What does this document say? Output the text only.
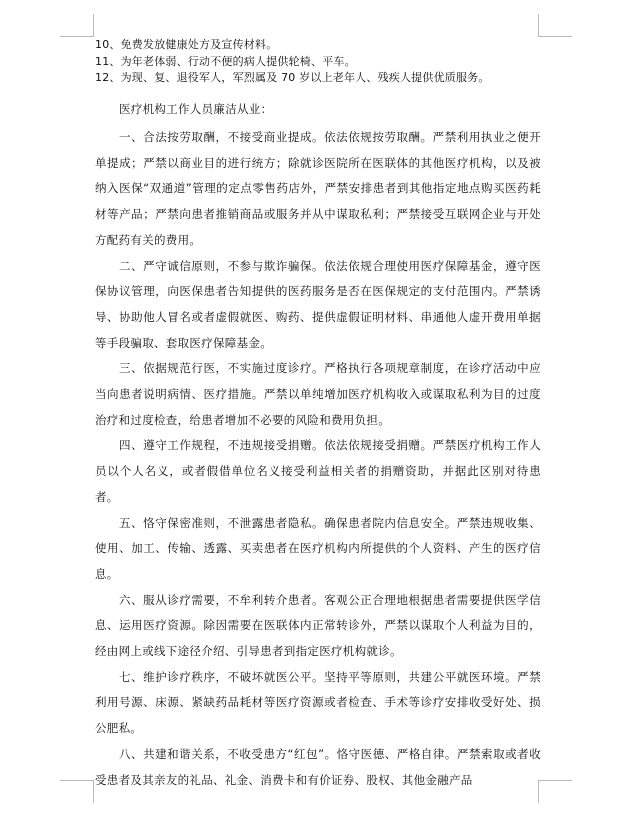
10、免费发放健康处方及宣传材料。
11、为年老体弱、行动不便的病人提供轮椅、平车。
12、为现、复、退役军人，军烈属及 70 岁以上老年人、残疾人提供优质服务。

医疗机构工作人员廉洁从业：

一、合法按劳取酬，不接受商业提成。依法依规按劳取酬。严禁利用执业之便开单提成；严禁以商业目的进行统方；除就诊医院所在医联体的其他医疗机构，以及被纳入医保“双通道”管理的定点零售药店外，严禁安排患者到其他指定地点购买医药耗材等产品；严禁向患者推销商品或服务并从中谋取私利；严禁接受互联网企业与开处方配药有关的费用。

二、严守诚信原则，不参与欺诈骗保。依法依规合理使用医疗保障基金，遵守医保协议管理，向医保患者告知提供的医药服务是否在医保规定的支付范围内。严禁诱导、协助他人冒名或者虚假就医、购药、提供虚假证明材料、串通他人虚开费用单据等手段骗取、套取医疗保障基金。

三、依据规范行医，不实施过度诊疗。严格执行各项规章制度，在诊疗活动中应当向患者说明病情、医疗措施。严禁以单纯增加医疗机构收入或谋取私利为目的过度治疗和过度检查，给患者增加不必要的风险和费用负担。

四、遵守工作规程，不违规接受捐赠。依法依规接受捐赠。严禁医疗机构工作人员以个人名义，或者假借单位名义接受利益相关者的捐赠资助，并据此区别对待患者。

五、恪守保密准则，不泄露患者隐私。确保患者院内信息安全。严禁违规收集、使用、加工、传输、透露、买卖患者在医疗机构内所提供的个人资料、产生的医疗信息。

六、服从诊疗需要，不牟利转介患者。客观公正合理地根据患者需要提供医学信息、运用医疗资源。除因需要在医联体内正常转诊外，严禁以谋取个人利益为目的，经由网上或线下途径介绍、引导患者到指定医疗机构就诊。

七、维护诊疗秩序，不破坏就医公平。坚持平等原则，共建公平就医环境。严禁利用号源、床源、紧缺药品耗材等医疗资源或者检查、手术等诊疗安排收受好处、损公肥私。

八、共建和谐关系，不收受患方“红包”。恪守医德、严格自律。严禁索取或者收受患者及其亲友的礼品、礼金、消费卡和有价证券、股权、其他金融产品
